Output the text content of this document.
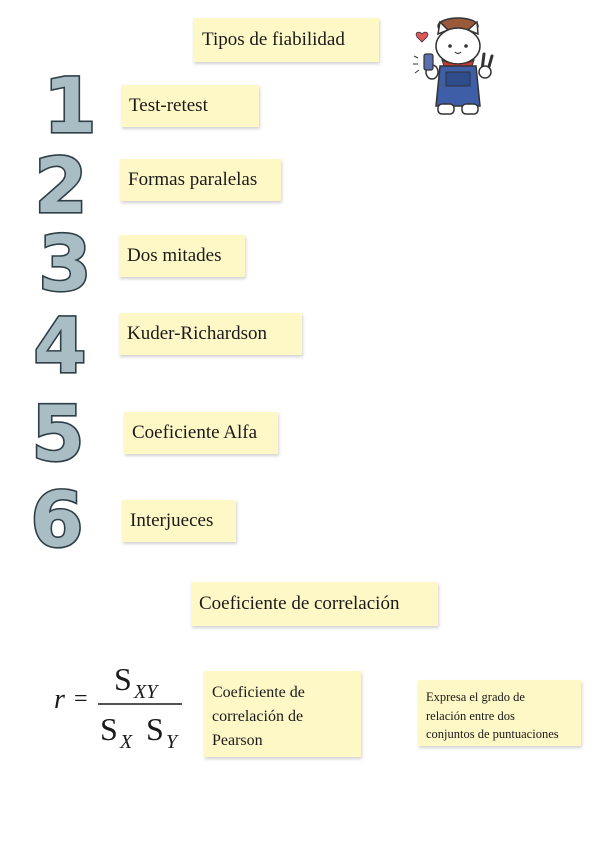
Tipos de fiabilidad
1	Test-retest
2	Formas paralelas
3	Dos mitades
4	Kuder-Richardson
5	Coeficiente Alfa
6	Interjueces
Coeficiente de correlación
r =
S XY
S X S Y
Coeficiente de
correlación de
Pearson
Expresa el grado de
relación entre dos
conjuntos de puntuaciones
